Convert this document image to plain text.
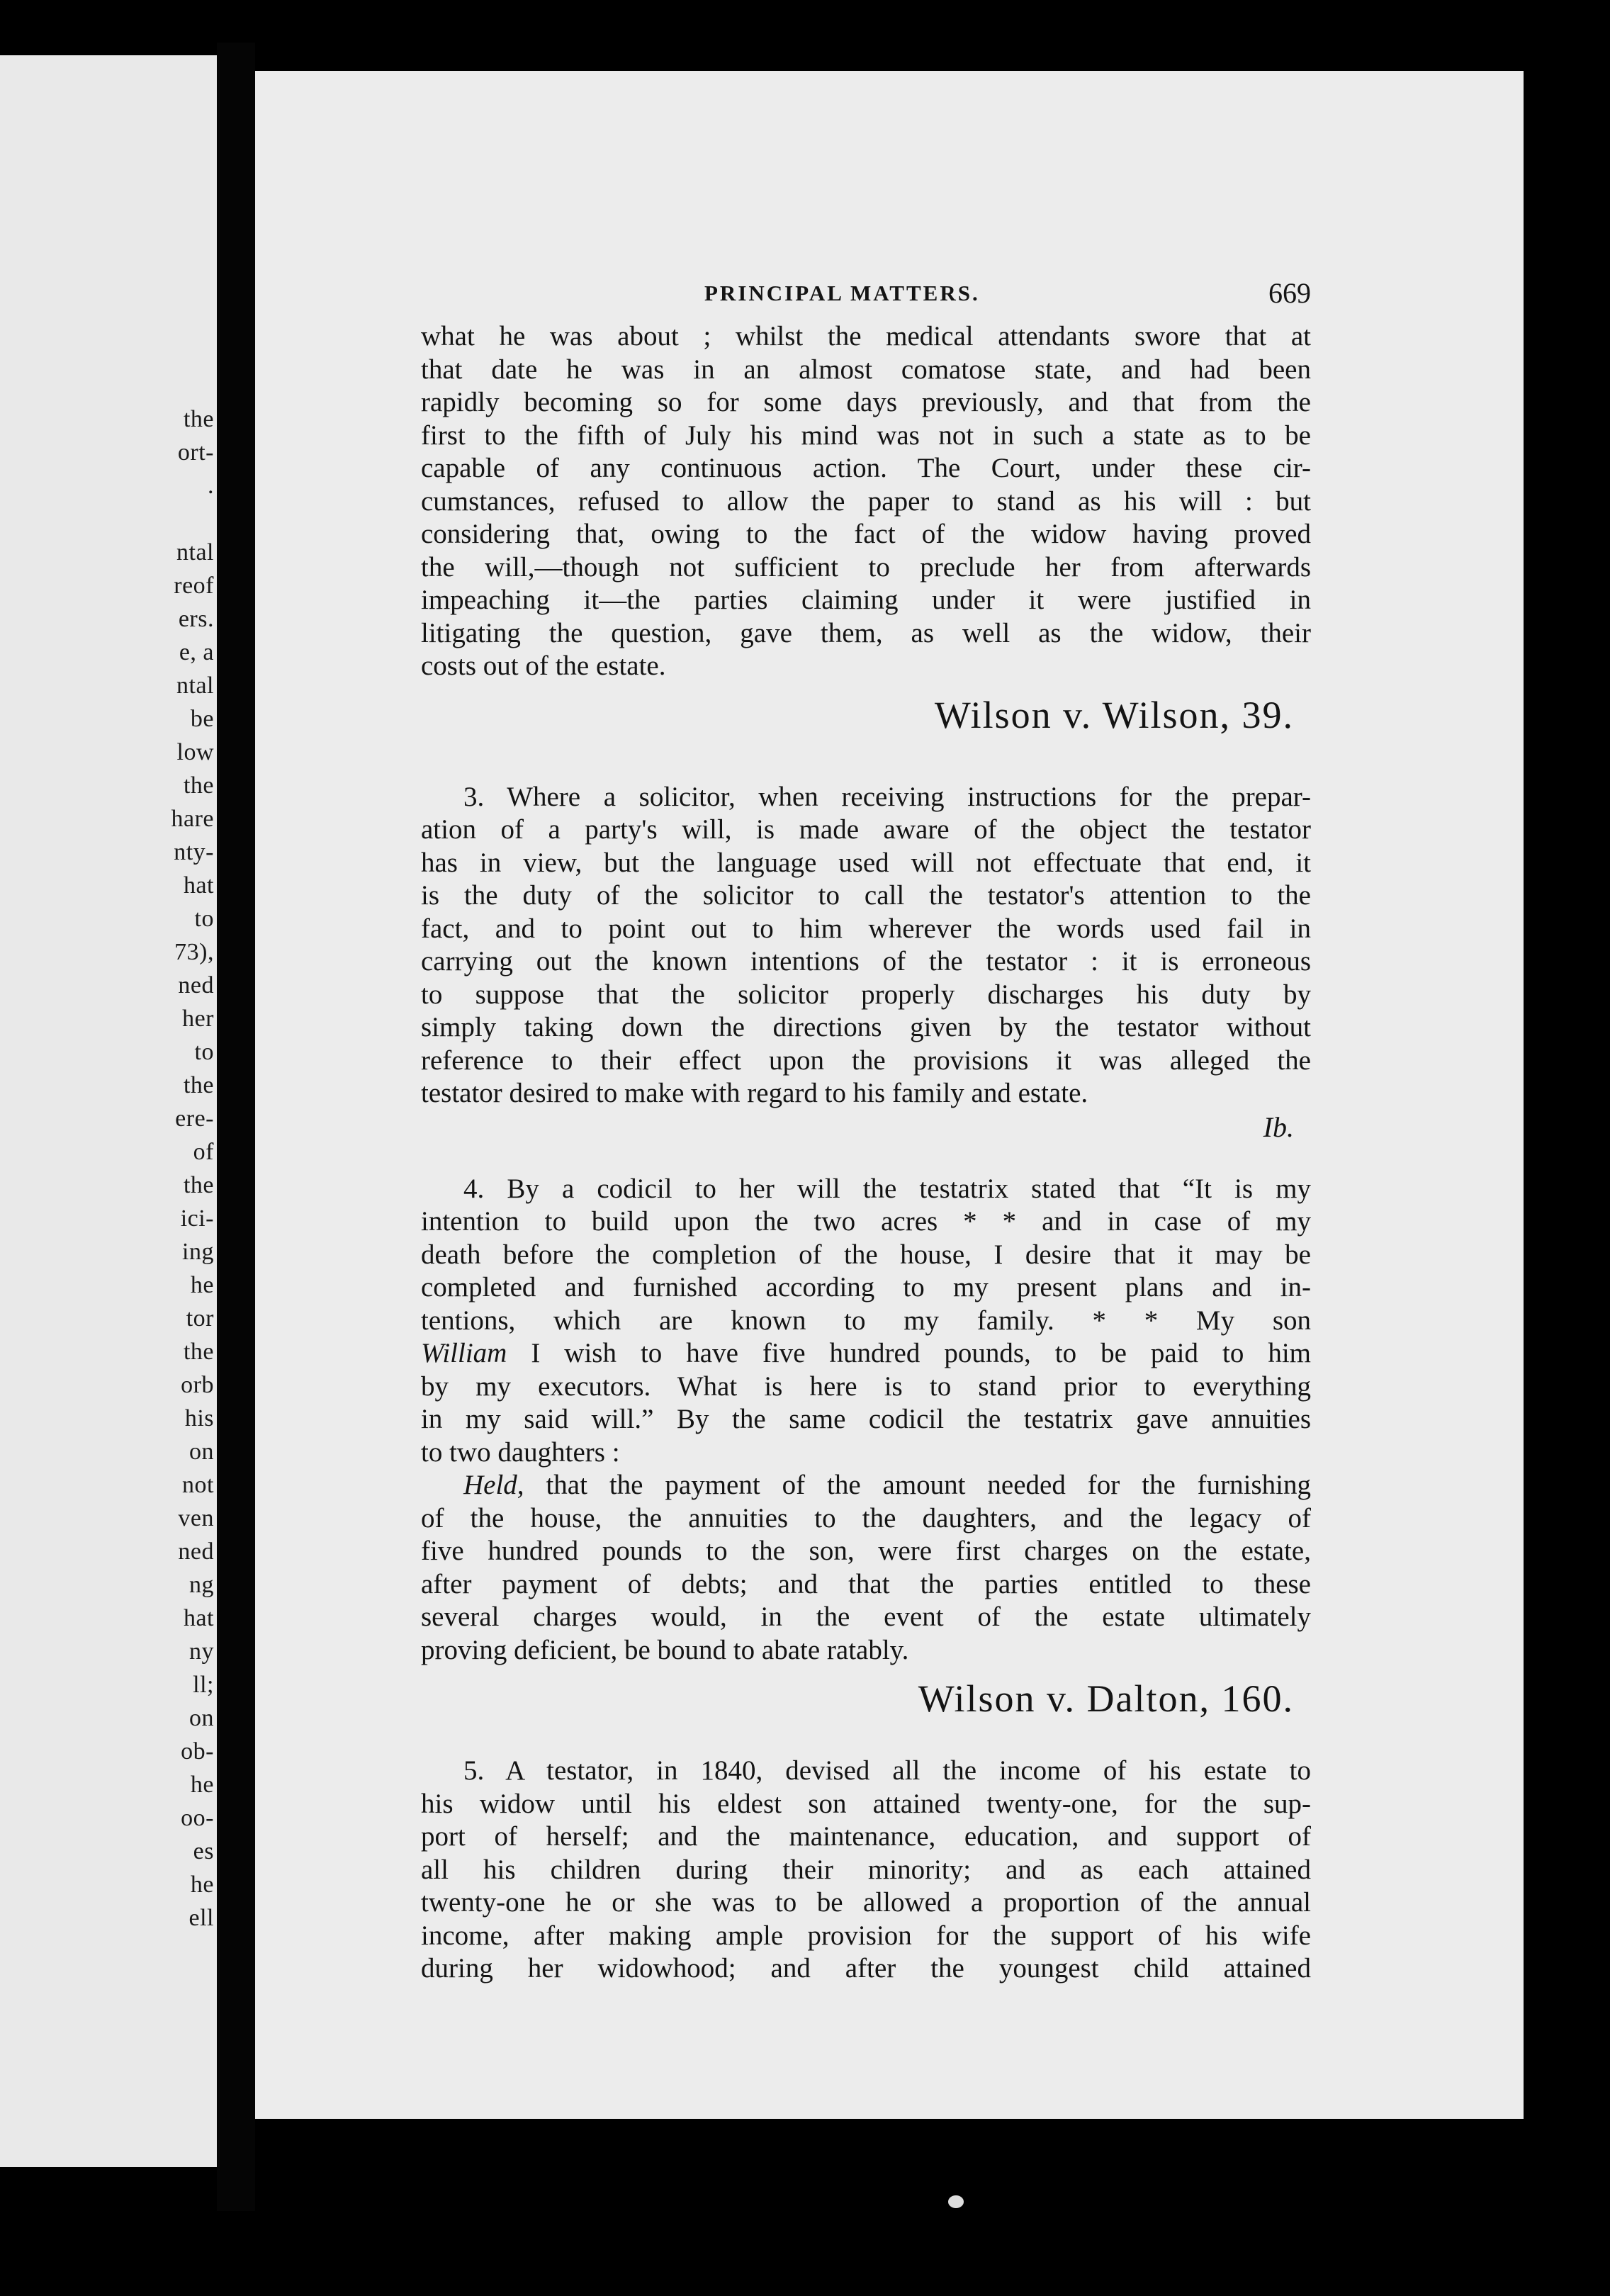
the
ort-
.

ntal
reof
ers.
e, a
ntal
be
low
the
hare
nty-
hat
to
73),
ned
her
to
the
ere-
of
the
ici-
ing
he
tor
the
orb
his
on
not
ven
ned
ng
hat
ny
ll;
on
ob-
he
oo-
es
he
ell
PRINCIPAL MATTERS.	669
what he was about ; whilst the medical attendants swore that at
that date he was in an almost comatose state, and had been
rapidly becoming so for some days previously, and that from the
first to the fifth of July his mind was not in such a state as to be
capable of any continuous action. The Court, under these cir-
cumstances, refused to allow the paper to stand as his will : but
considering that, owing to the fact of the widow having proved
the will,—though not sufficient to preclude her from afterwards
impeaching it—the parties claiming under it were justified in
litigating the question, gave them, as well as the widow, their
costs out of the estate.
Wilson v. Wilson, 39.
3. Where a solicitor, when receiving instructions for the prepar-
ation of a party's will, is made aware of the object the testator
has in view, but the language used will not effectuate that end, it
is the duty of the solicitor to call the testator's attention to the
fact, and to point out to him wherever the words used fail in
carrying out the known intentions of the testator : it is erroneous
to suppose that the solicitor properly discharges his duty by
simply taking down the directions given by the testator without
reference to their effect upon the provisions it was alleged the
testator desired to make with regard to his family and estate.
Ib.
4. By a codicil to her will the testatrix stated that “It is my
intention to build upon the two acres * * and in case of my
death before the completion of the house, I desire that it may be
completed and furnished according to my present plans and in-
tentions, which are known to my family. * * My son
William I wish to have five hundred pounds, to be paid to him
by my executors. What is here is to stand prior to everything
in my said will.” By the same codicil the testatrix gave annuities
to two daughters :
Held, that the payment of the amount needed for the furnishing
of the house, the annuities to the daughters, and the legacy of
five hundred pounds to the son, were first charges on the estate,
after payment of debts; and that the parties entitled to these
several charges would, in the event of the estate ultimately
proving deficient, be bound to abate ratably.
Wilson v. Dalton, 160.
5. A testator, in 1840, devised all the income of his estate to
his widow until his eldest son attained twenty-one, for the sup-
port of herself; and the maintenance, education, and support of
all his children during their minority; and as each attained
twenty-one he or she was to be allowed a proportion of the annual
income, after making ample provision for the support of his wife
during her widowhood; and after the youngest child attained
